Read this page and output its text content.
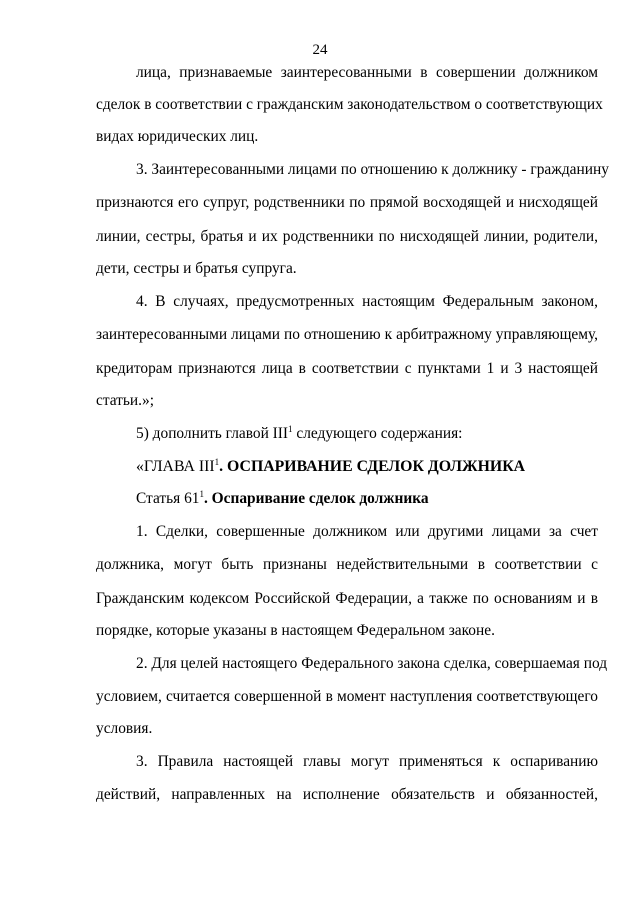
24
лица, признаваемые заинтересованными в совершении должником
сделок в соответствии с гражданским законодательством о соответствующих
видах юридических лиц.
3. Заинтересованными лицами по отношению к должнику - гражданину
признаются его супруг, родственники по прямой восходящей и нисходящей
линии, сестры, братья и их родственники по нисходящей линии, родители,
дети, сестры и братья супруга.
4. В случаях, предусмотренных настоящим Федеральным законом,
заинтересованными лицами по отношению к арбитражному управляющему,
кредиторам признаются лица в соответствии с пунктами 1 и 3 настоящей
статьи.»;
5) дополнить главой III$^1$ следующего содержания:
«ГЛАВА III$^1$. ОСПАРИВАНИЕ СДЕЛОК ДОЛЖНИКА
Статья $61^1$. Оспаривание сделок должника
1. Сделки, совершенные должником или другими лицами за счет
должника, могут быть признаны недействительными в соответствии с
Гражданским кодексом Российской Федерации, а также по основаниям и в
порядке, которые указаны в настоящем Федеральном законе.
2. Для целей настоящего Федерального закона сделка, совершаемая под
условием, считается совершенной в момент наступления соответствующего
условия.
3. Правила настоящей главы могут применяться к оспариванию
действий, направленных на исполнение обязательств и обязанностей,
